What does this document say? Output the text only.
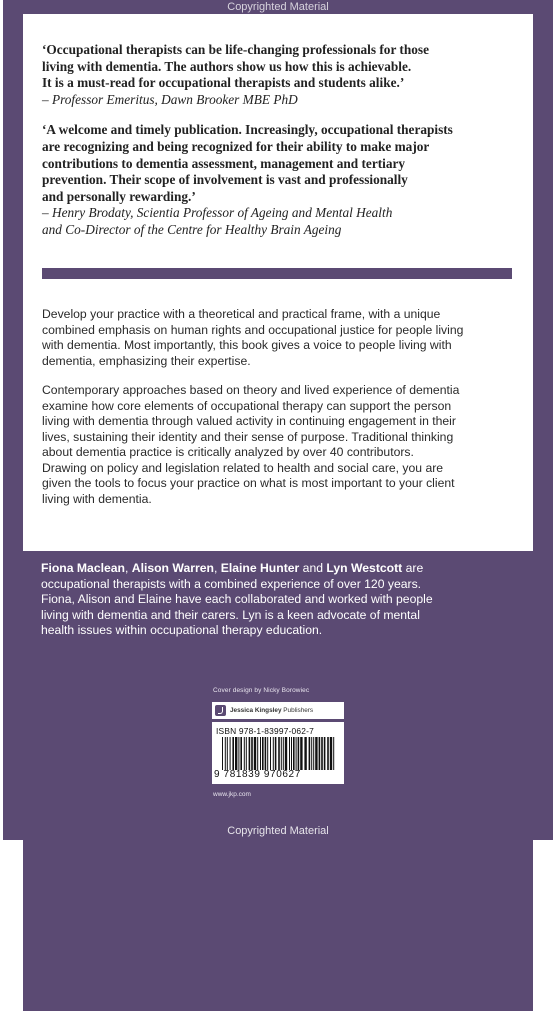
Copyrighted Material

‘Occupational therapists can be life-changing professionals for those
living with dementia. The authors show us how this is achievable.
It is a must-read for occupational therapists and students alike.’

– Professor Emeritus, Dawn Brooker MBE PhD

‘A welcome and timely publication. Increasingly, occupational therapists
are recognizing and being recognized for their ability to make major
contributions to dementia assessment, management and tertiary
prevention. Their scope of involvement is vast and professionally
and personally rewarding.’

– Henry Brodaty, Scientia Professor of Ageing and Mental Health
and Co-Director of the Centre for Healthy Brain Ageing

Develop your practice with a theoretical and practical frame, with a unique
combined emphasis on human rights and occupational justice for people living
with dementia. Most importantly, this book gives a voice to people living with
dementia, emphasizing their expertise.

Contemporary approaches based on theory and lived experience of dementia
examine how core elements of occupational therapy can support the person
living with dementia through valued activity in continuing engagement in their
lives, sustaining their identity and their sense of purpose. Traditional thinking
about dementia practice is critically analyzed by over 40 contributors.
Drawing on policy and legislation related to health and social care, you are
given the tools to focus your practice on what is most important to your client
living with dementia.

Fiona Maclean, Alison Warren, Elaine Hunter and Lyn Westcott are
occupational therapists with a combined experience of over 120 years.
Fiona, Alison and Elaine have each collaborated and worked with people
living with dementia and their carers. Lyn is a keen advocate of mental
health issues within occupational therapy education.
Cover design by Nicky Borowiec
Jessica Kingsley Publishers
ISBN 978-1-83997-062-7
9 781839 970627
www.jkp.com
Copyrighted Material
